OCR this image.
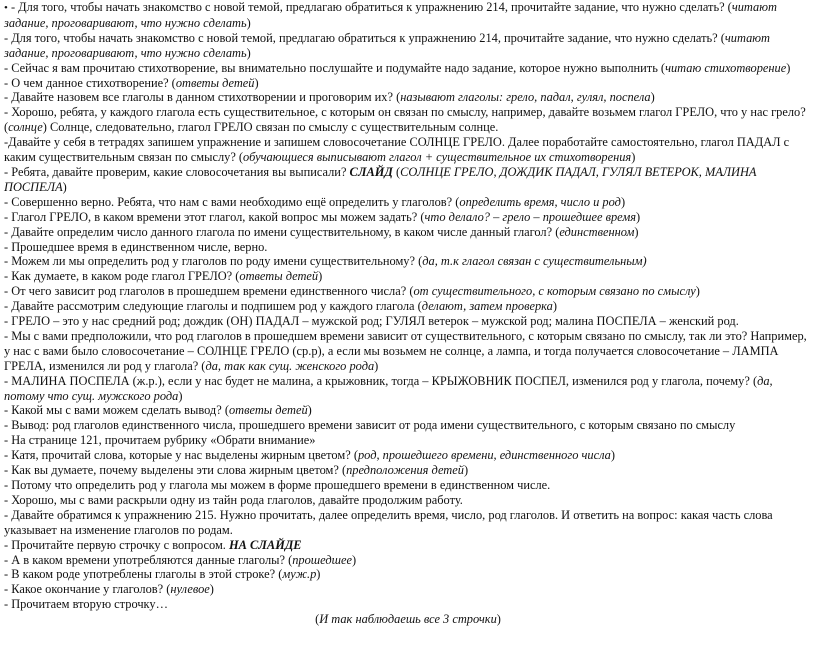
• - Для того, чтобы начать знакомство с новой темой, предлагаю обратиться к упражнению 214, прочитайте задание, что нужно сделать? (читают задание, проговаривают, что нужно сделать)

- Для того, чтобы начать знакомство с новой темой, предлагаю обратиться к упражнению 214, прочитайте задание, что нужно сделать? (читают задание, проговаривают, что нужно сделать)

- Сейчас я вам прочитаю стихотворение, вы внимательно послушайте и подумайте надо задание, которое нужно выполнить (читаю стихотворение)

- О чем данное стихотворение? (ответы детей)

- Давайте назовем все глаголы в данном стихотворении и проговорим их? (называют глаголы: грело, падал, гулял, поспела)

- Хорошо, ребята, у каждого глагола есть существительное, с которым он связан по смыслу, например, давайте возьмем глагол ГРЕЛО, что у нас грело? (солнце) Солнце, следовательно, глагол ГРЕЛО связан по смыслу с существительным солнце.

-Давайте у себя в тетрадях запишем упражнение и запишем словосочетание СОЛНЦЕ ГРЕЛО. Далее поработайте самостоятельно, глагол ПАДАЛ с каким существительным связан по смыслу? (обучающиеся выписывают глагол + существительное их стихотворения)

- Ребята, давайте проверим, какие словосочетания вы выписали? СЛАЙД (СОЛНЦЕ ГРЕЛО, ДОЖДИК ПАДАЛ, ГУЛЯЛ ВЕТЕРОК, МАЛИНА ПОСПЕЛА)

- Совершенно верно. Ребята, что нам с вами необходимо ещё определить у глаголов? (определить время, число и род)

- Глагол ГРЕЛО, в каком времени этот глагол, какой вопрос мы можем задать? (что делало? – грело – прошедшее время)

- Давайте определим число данного глагола по имени существительному, в каком числе данный глагол? (единственном)

- Прошедшее время в единственном числе, верно.

- Можем ли мы определить род у глаголов по роду имени существительному? (да, т.к глагол связан с существительным)

- Как думаете, в каком роде глагол ГРЕЛО? (ответы детей)

- От чего зависит род глаголов в прошедшем времени единственного числа? (от существительного, с которым связано по смыслу)

- Давайте рассмотрим следующие глаголы и подпишем род у каждого глагола (делают, затем проверка)

- ГРЕЛО – это у нас средний род; дождик (ОН) ПАДАЛ – мужской род; ГУЛЯЛ ветерок – мужской род; малина ПОСПЕЛА – женский род.

- Мы с вами предположили, что род глаголов в прошедшем времени зависит от существительного, с которым связано по смыслу, так ли это? Например, у нас с вами было словосочетание – СОЛНЦЕ ГРЕЛО (ср.р), а если мы возьмем не солнце, а лампа, и тогда получается словосочетание – ЛАМПА ГРЕЛА, изменился ли род у глагола? (да, так как сущ. женского рода)

- МАЛИНА ПОСПЕЛА (ж.р.), если у нас будет не малина, а крыжовник, тогда – КРЫЖОВНИК ПОСПЕЛ, изменился род у глагола, почему? (да, потому что сущ. мужского рода)

- Какой мы с вами можем сделать вывод? (ответы детей)

- Вывод: род глаголов единственного числа, прошедшего времени зависит от рода имени существительного, с которым связано по смыслу

- На странице 121, прочитаем рубрику «Обрати внимание»

- Катя, прочитай слова, которые у нас выделены жирным цветом? (род, прошедшего времени, единственного числа)

- Как вы думаете, почему выделены эти слова жирным цветом? (предположения детей)

- Потому что определить род у глагола мы можем в форме прошедшего времени в единственном числе.

- Хорошо, мы с вами раскрыли одну из тайн рода глаголов, давайте продолжим работу.

- Давайте обратимся к упражнению 215. Нужно прочитать, далее определить время, число, род глаголов. И ответить на вопрос: какая часть слова указывает на изменение глаголов по родам.

- Прочитайте первую строчку с вопросом. НА СЛАЙДЕ

- А в каком времени употребляются данные глаголы? (прошедшее)

- В каком роде употреблены глаголы в этой строке? (муж.р)

- Какое окончание у глаголов? (нулевое)

- Прочитаем вторую строчку…

(И так наблюдаешь все 3 строчки)
